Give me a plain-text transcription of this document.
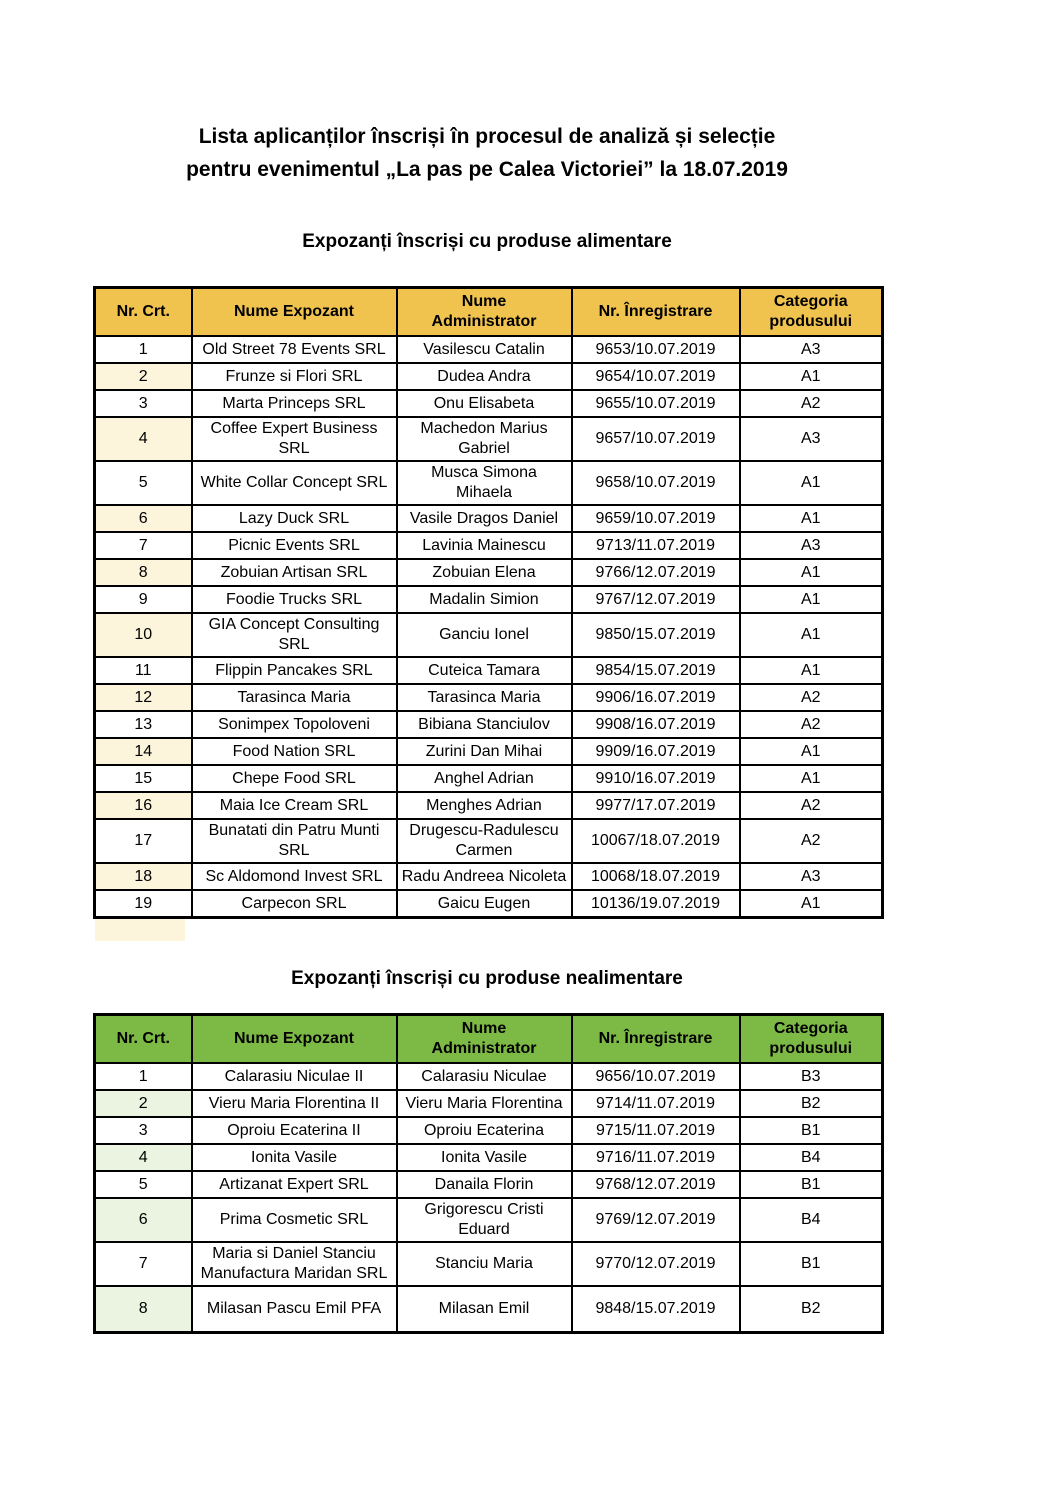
Lista aplicanților înscriși în procesul de analiză și selecție
pentru evenimentul „La pas pe Calea Victoriei” la 18.07.2019
Expozanți înscriși cu produse alimentare
Nr. Crt.	Nume Expozant	Nume Administrator	Nr. Înregistrare	Categoria produsului
1	Old Street 78 Events SRL	Vasilescu Catalin	9653/10.07.2019	A3
2	Frunze si Flori SRL	Dudea Andra	9654/10.07.2019	A1
3	Marta Princeps SRL	Onu Elisabeta	9655/10.07.2019	A2
4	Coffee Expert Business SRL	Machedon Marius Gabriel	9657/10.07.2019	A3
5	White Collar Concept SRL	Musca Simona Mihaela	9658/10.07.2019	A1
6	Lazy Duck SRL	Vasile Dragos Daniel	9659/10.07.2019	A1
7	Picnic Events SRL	Lavinia Mainescu	9713/11.07.2019	A3
8	Zobuian Artisan SRL	Zobuian Elena	9766/12.07.2019	A1
9	Foodie Trucks SRL	Madalin Simion	9767/12.07.2019	A1
10	GIA Concept Consulting SRL	Ganciu Ionel	9850/15.07.2019	A1
11	Flippin Pancakes SRL	Cuteica Tamara	9854/15.07.2019	A1
12	Tarasinca Maria	Tarasinca Maria	9906/16.07.2019	A2
13	Sonimpex Topoloveni	Bibiana Stanciulov	9908/16.07.2019	A2
14	Food Nation SRL	Zurini Dan Mihai	9909/16.07.2019	A1
15	Chepe Food SRL	Anghel Adrian	9910/16.07.2019	A1
16	Maia Ice Cream SRL	Menghes Adrian	9977/17.07.2019	A2
17	Bunatati din Patru Munti SRL	Drugescu-Radulescu Carmen	10067/18.07.2019	A2
18	Sc Aldomond Invest SRL	Radu Andreea Nicoleta	10068/18.07.2019	A3
19	Carpecon SRL	Gaicu Eugen	10136/19.07.2019	A1
Expozanți înscriși cu produse nealimentare
Nr. Crt.	Nume Expozant	Nume Administrator	Nr. Înregistrare	Categoria produsului
1	Calarasiu Niculae II	Calarasiu Niculae	9656/10.07.2019	B3
2	Vieru Maria Florentina II	Vieru Maria Florentina	9714/11.07.2019	B2
3	Oproiu Ecaterina II	Oproiu Ecaterina	9715/11.07.2019	B1
4	Ionita Vasile	Ionita Vasile	9716/11.07.2019	B4
5	Artizanat Expert SRL	Danaila Florin	9768/12.07.2019	B1
6	Prima Cosmetic SRL	Grigorescu Cristi Eduard	9769/12.07.2019	B4
7	Maria si Daniel Stanciu Manufactura Maridan SRL	Stanciu Maria	9770/12.07.2019	B1
8	Milasan Pascu Emil PFA	Milasan Emil	9848/15.07.2019	B2
